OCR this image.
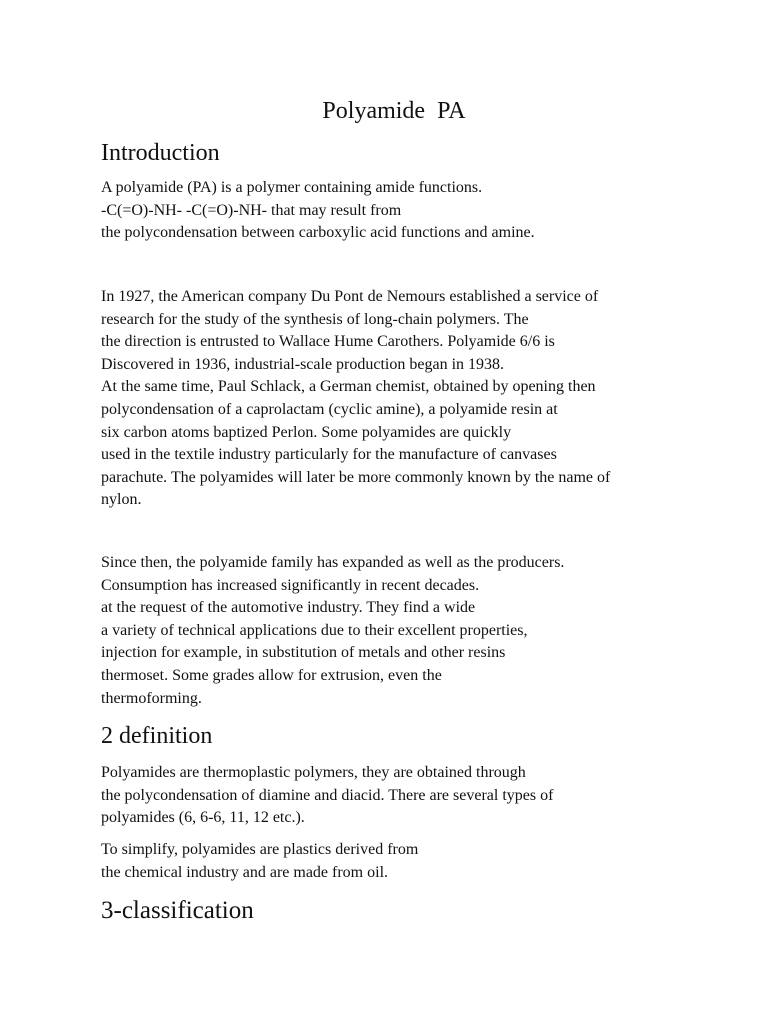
Polyamide  PA
Introduction
A polyamide (PA) is a polymer containing amide functions.
-C(=O)-NH- -C(=O)-NH- that may result from
the polycondensation between carboxylic acid functions and amine.
In 1927, the American company Du Pont de Nemours established a service of
research for the study of the synthesis of long-chain polymers. The
the direction is entrusted to Wallace Hume Carothers. Polyamide 6/6 is
Discovered in 1936, industrial-scale production began in 1938.
At the same time, Paul Schlack, a German chemist, obtained by opening then
polycondensation of a caprolactam (cyclic amine), a polyamide resin at
six carbon atoms baptized Perlon. Some polyamides are quickly
used in the textile industry particularly for the manufacture of canvases
parachute. The polyamides will later be more commonly known by the name of
nylon.
Since then, the polyamide family has expanded as well as the producers.
Consumption has increased significantly in recent decades.
at the request of the automotive industry. They find a wide
a variety of technical applications due to their excellent properties,
injection for example, in substitution of metals and other resins
thermoset. Some grades allow for extrusion, even the
thermoforming.
2 definition
Polyamides are thermoplastic polymers, they are obtained through
the polycondensation of diamine and diacid. There are several types of
polyamides (6, 6-6, 11, 12 etc.).
To simplify, polyamides are plastics derived from
the chemical industry and are made from oil.
3-classification
